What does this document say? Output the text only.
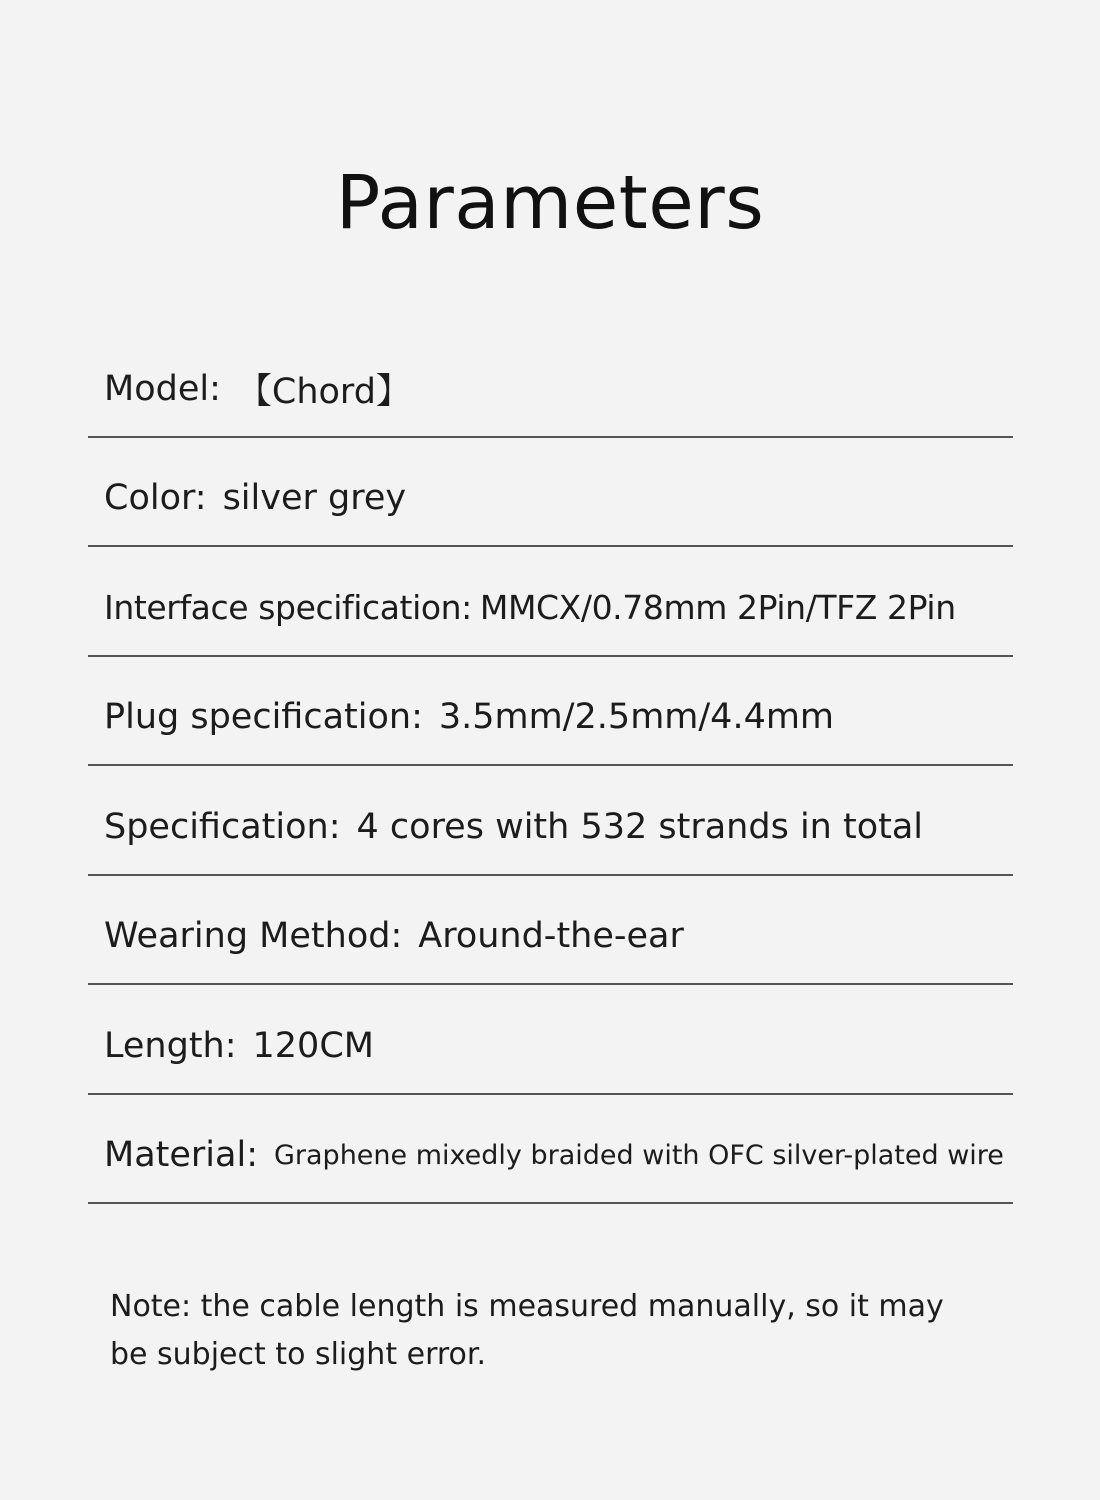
Parameters
Model: 【Chord】
Color: silver grey
Interface specification: MMCX/0.78mm 2Pin/TFZ 2Pin
Plug specification: 3.5mm/2.5mm/4.4mm
Specification: 4 cores with 532 strands in total
Wearing Method: Around-the-ear
Length: 120CM
Material: Graphene mixedly braided with OFC silver-plated wire

Note: the cable length is measured manually, so it may
be subject to slight error.
